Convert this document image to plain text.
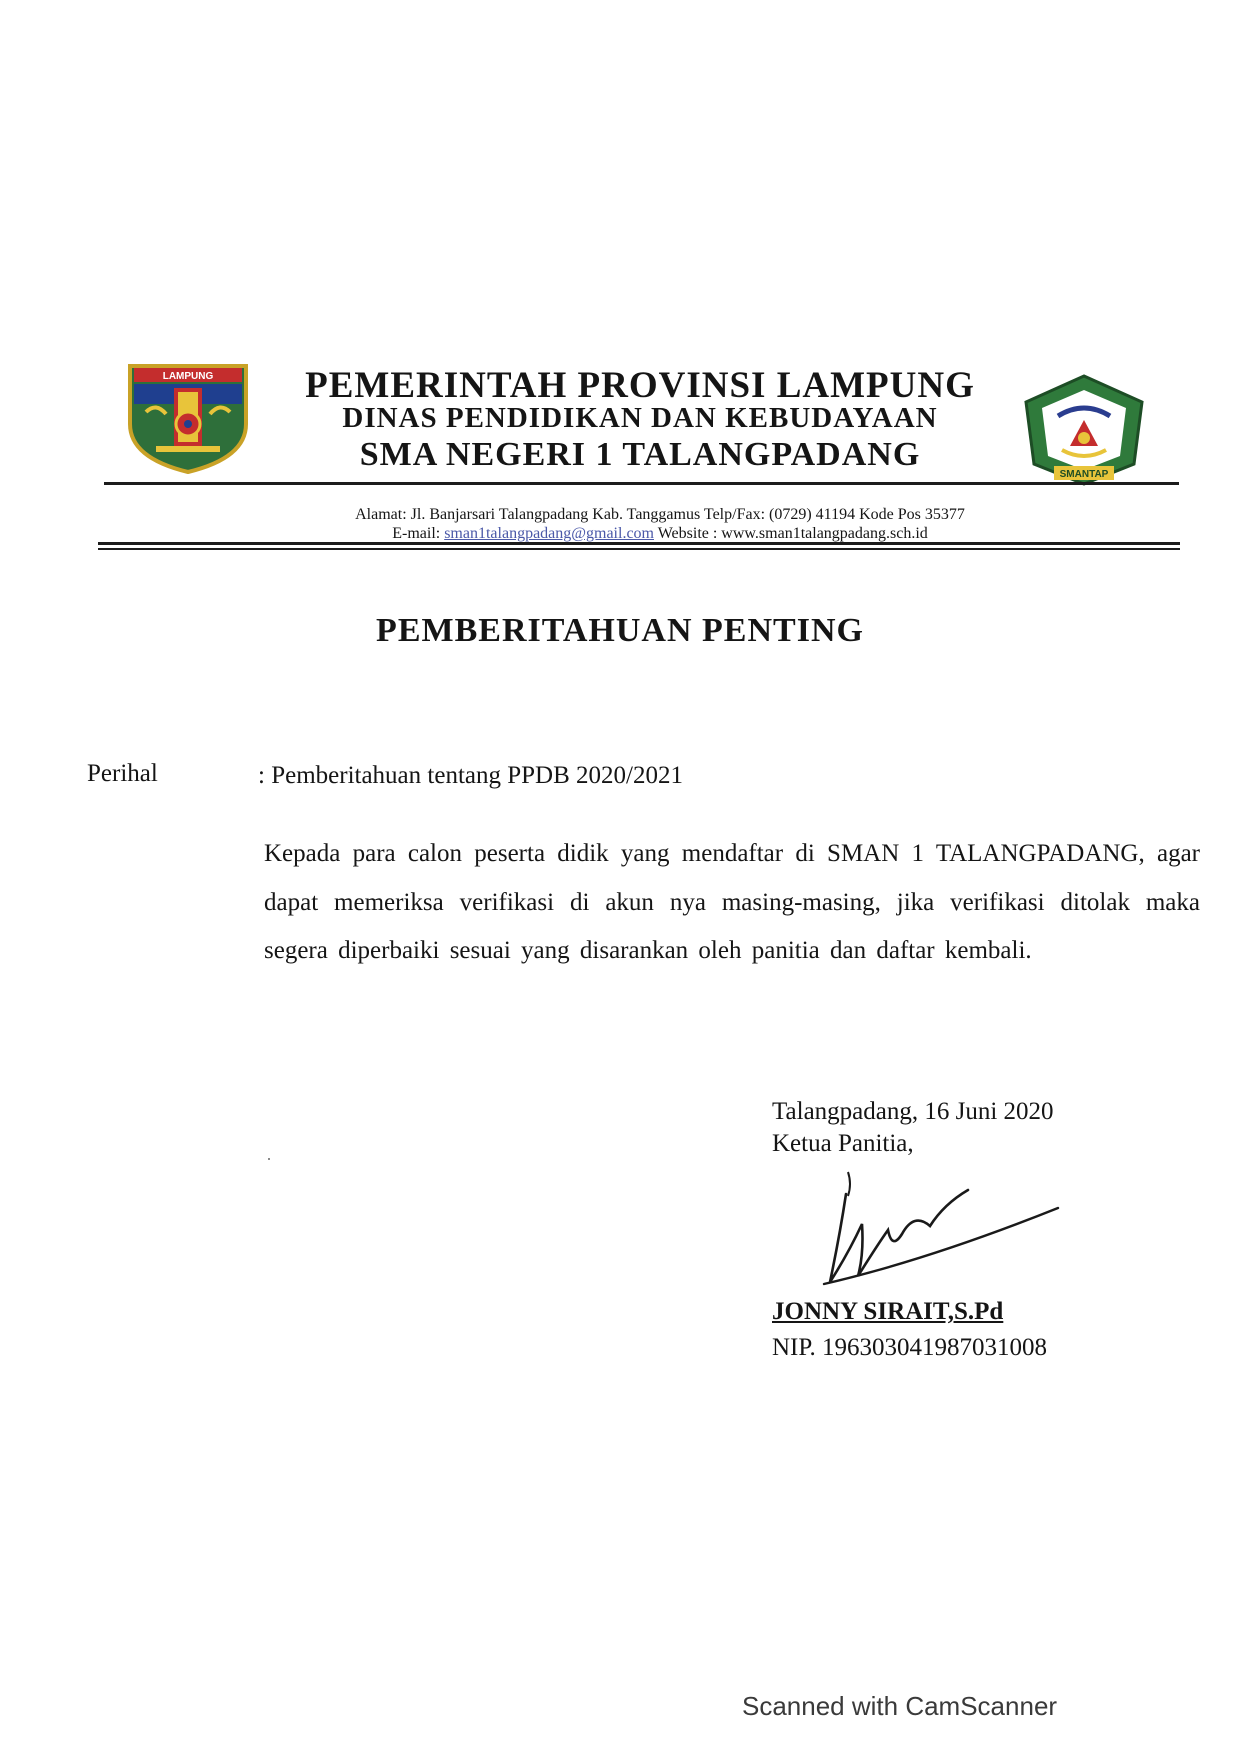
LAMPUNG
SMANTAP
PEMERINTAH PROVINSI LAMPUNG
DINAS PENDIDIKAN DAN KEBUDAYAAN
SMA NEGERI 1 TALANGPADANG
Alamat: Jl. Banjarsari Talangpadang Kab. Tanggamus Telp/Fax: (0729) 41194 Kode Pos 35377
E-mail: sman1talangpadang@gmail.com Website : www.sman1talangpadang.sch.id
PEMBERITAHUAN PENTING
Perihal	: Pemberitahuan tentang PPDB 2020/2021
Kepada para calon peserta didik yang mendaftar di SMAN 1 TALANGPADANG, agar dapat memeriksa verifikasi di akun nya masing-masing, jika verifikasi ditolak maka segera diperbaiki sesuai yang disarankan oleh panitia dan daftar kembali.
Talangpadang, 16 Juni 2020
Ketua Panitia,
JONNY SIRAIT,S.Pd
NIP. 196303041987031008
Scanned with CamScanner
